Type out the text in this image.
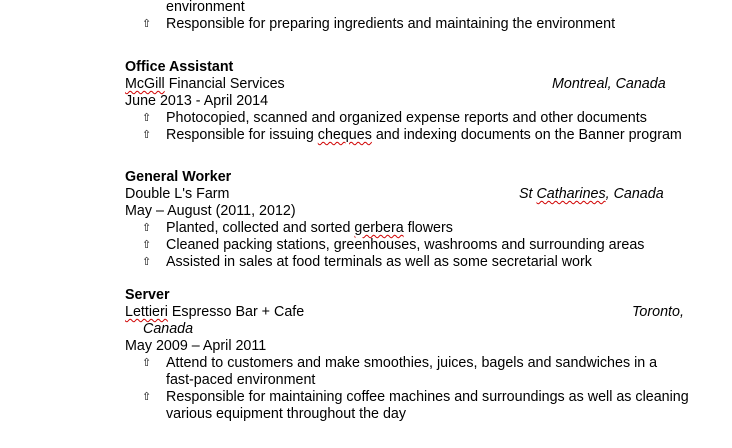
environment
⇧ Responsible for preparing ingredients and maintaining the environment
Office Assistant
McGill Financial Services	Montreal, Canada
June 2013 - April 2014
⇧ Photocopied, scanned and organized expense reports and other documents
⇧ Responsible for issuing cheques and indexing documents on the Banner program
General Worker
Double L's Farm	St Catharines, Canada
May – August (2011, 2012)
⇧ Planted, collected and sorted gerbera flowers
⇧ Cleaned packing stations, greenhouses, washrooms and surrounding areas
⇧ Assisted in sales at food terminals as well as some secretarial work
Server
Lettieri Espresso Bar + Cafe	Toronto,
Canada
May 2009 – April 2011
⇧ Attend to customers and make smoothies, juices, bagels and sandwiches in a
fast-paced environment
⇧ Responsible for maintaining coffee machines and surroundings as well as cleaning
various equipment throughout the day
